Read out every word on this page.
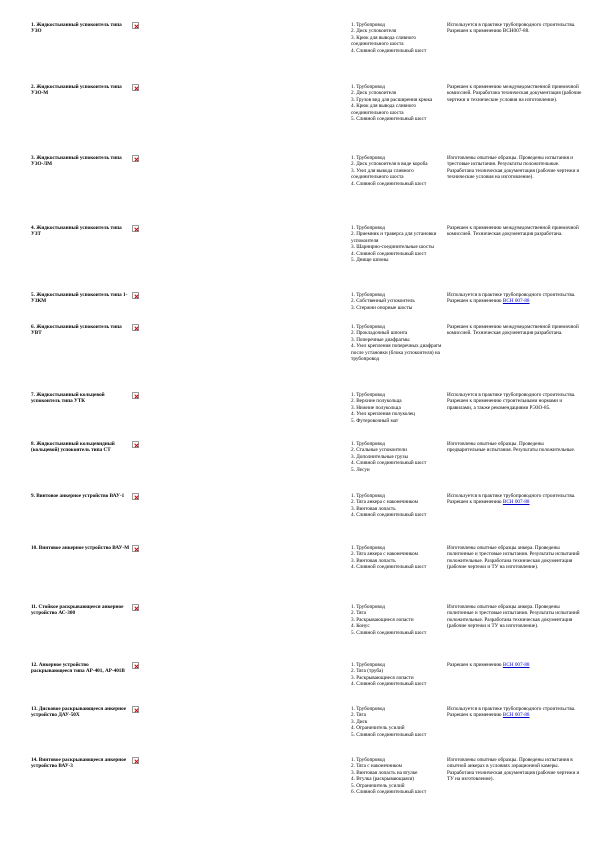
1. Жидкостьнанный успокоитель типа УЗО
1. Трубопровод
2. Диск успокоителя
3. Крюк для вывода сливного соединительного шоста
4. Сливной соединительный шост
Используется в практике трубопроводного строительства. Разрешен к применению ВСН007-88.
2. Жидкостьнанный успокоитель типа УЗО-М
1. Трубопровод
2. Диск успокоителя
3. Грузов вид для расширения крюка
4. Крюк для вывода сливного соединительного шоста
5. Сливной соединительный шост
Разрешен к применению междуведомственной приемочной комиссией. Разработана техническая документация (рабочие чертежи и технические условия на изготовление).
3. Жидкостьнанный успокоитель типа УЗО-ЛМ
1. Трубопровод
2. Диск успокоителя в виде короба
3. Узел для вывода сливного соединительного шоста
4. Сливной соединительный шост
Изготовлены опытные образцы. Проведены испытания и трестовые испытания. Результаты положительные. Разработана техническая документация (рабочие чертежи и технические условия на изготовление).
4. Жидкостьнанный успокоитель типа УЗТ
1. Трубопровод
2. Приемник и траверса для установки успокоителя
3. Шарнирно-соединительные шосты
4. Сливной соединительный шост
5. Днище шпоны
Разрешен к применению междуведомственной приемочной комиссией. Техническая документация разработана.
5. Жидкостьнанный успокоитель типа 1-УЗКМ
1. Трубопровод
2. Собственный успокоитель
3. Стержни опорные шосты
Используется в практике трубопроводного строительства. Разрешен к применению ВСН 007-88
6. Жидкостьнанный успокоитель типа УВТ
1. Трубопровод
2. Прокладочный шпонта
3. Поперечные диафрагмы
4. Узел крепления поперечных диафрагм после установки (блока успокоителя) на трубопровод
Разрешен к применению междуведомственной приемочной комиссией. Техническая документация разработана.
7. Жидкостьнанный кольцевой успокоитель типа УТК
1. Трубопровод
2. Верхние полукольца
3. Нижние полукольца
4. Узел крепления полуколец
5. Футеровочный мат
Используется в практике трубопроводного строительства. Разрешен к применению строительными нормами и правилами, а также рекомендациями РЭЗО-85.
8. Жидкостьнанный кольцевидный (кольцевой) успокоитель типа СТ
1. Трубопровод
2. Стальные успокоители
3. Дополнительные грузы
4. Сливной соединительный шост
5. Лесуи
Изготовлены опытные образцы. Проведены предварительные испытания. Результаты положительные.
9. Винтовое анкерное устройство ВАУ-1	1. Трубопровод
2. Тяга анкера с наконечником
3. Винтовая лопасть
4. Сливной соединительный шост
Используется в практике трубопроводного строительства. Разрешен к применению ВСН 007-88
10. Винтовое анкерное устройство ВАУ-М	1. Трубопровод
2. Тяга анкера с наконечником
3. Винтовая лопасть
4. Сливной соединительный шост
Изготовлены опытные образцы анкера. Проведены полигонные и трестовые испытания. Результаты испытаний положительные. Разработана техническая документация (рабочие чертежи и ТУ на изготовление).
11. Стойкое раскрывающееся анкерное устройство АС-300
1. Трубопровод
2. Тяга
3. Раскрывающиеся лопасти
4. Конус
5. Сливной соединительный шост
Изготовлены опытные образцы анкера. Проведены полигонные и трестовые испытания. Результаты испытаний положительные. Разработана техническая документация (рабочие чертежи и ТУ на изготовление).
12. Анкерное устройство раскрывающееся типа АР-401, АР-401В
1. Трубопровод
2. Тяга (труба)
3. Раскрывающиеся лопасти
4. Сливной соединительный шост
Разрешен к применению ВСН 007-88
13. Дисковое раскрывающееся анкерное устройство ДАУ-50Х
1. Трубопровод
2. Тяга
3. Диск
4. Ограничитель усилий
5. Сливной соединительный шост
Используется в практике трубопроводного строительства. Разрешен к применению ВСН 007-88
14. Винтовое раскрывающееся анкерное устройство ВАУ-3
1. Трубопровод
2. Тяга с наконечником
3. Винтовая лопасть на втулке
4. Втулка (раскрывающаяся)
5. Ограничитель усилий
6. Сливной соединительный шост
Изготовлены опытные образцы. Проведены испытания в опытной анкерах в условиях аэрационной камеры. Разработана техническая документация (рабочие чертежи и ТУ на изготовление).
